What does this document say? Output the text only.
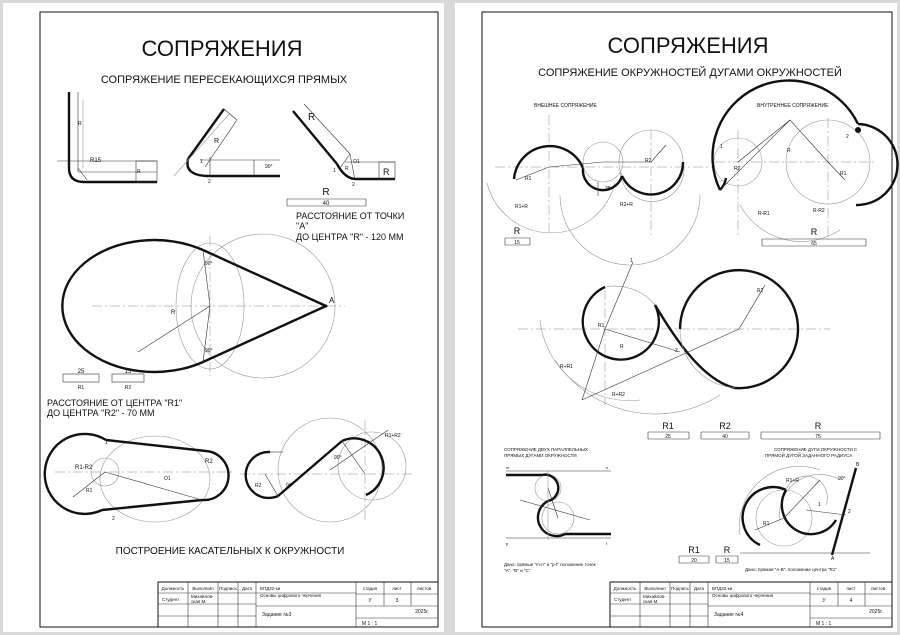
СОПРЯЖЕНИЯ
СОПРЯЖЕНИЕ ПЕРЕСЕКАЮЩИХСЯ ПРЯМЫХ
R
R15
R
R
1
2
90°
R
R
O1
1
2
R
R
40
РАССТОЯНИЕ ОТ ТОЧКИ
"A"
ДО ЦЕНТРА "R" - 120 ММ
R
A
90°
90°
25
R1
15
R2
РАССТОЯНИЕ ОТ ЦЕНТРА "R1"
ДО ЦЕНТРА "R2" - 70 ММ
R1-R2
R1
R2
O1
1
2
R2
R1+R2
90°
90°
ПОСТРОЕНИЕ КАСАТЕЛЬНЫХ К ОКРУЖНОСТИ
Должность Выполнил Подпись Дата
Студент
Михайлов-
ская М.
БПД32-ки
Основы цифрового черчения
стадия	лист	листов
У	3
Задание №3	2025г.
М 1 : 1
СОПРЯЖЕНИЯ
СОПРЯЖЕНИЕ ОКРУЖНОСТЕЙ ДУГАМИ ОКРУЖНОСТЕЙ
ВНЕШНЕЕ СОПРЯЖЕНИЕ	ВНУТРЕННЕЕ СОПРЯЖЕНИЕ
R1
R2
R1+R	R2+R
38
R
R2
R1
R-R1	R-R2
1
2
R
15
R
65
R1
R2
R
R+R1
R+R2
1
2
R1
25
R2
40
R
75
СОПРЯЖЕНИЕ ДВУХ ПАРАЛЛЕЛЬНЫХ
ПРЯМЫХ ДУГАМИ ОКРУЖНОСТИ
m	n
p	f
Дано: прямые "m-n" и "p-f" положение точек
"A", "B" и "C"
СОПРЯЖЕНИЕ ДУГИ ОКРУЖНОСТИ С
ПРЯМОЙ ДУГОЙ ЗАДАННОГО РАДИУСА
R1+R
R1
A
B
90°
1
2
R1
20
R
15
Дано: прямая "A-B", положение центра "R1"
Должность Выполнил Подпись Дата
Студент
Михайлов-
ская М.
БПД32-ки
Основы цифрового черчения
стадия	лист	листов
У	4
Задание №4	2025г.
М 1 : 1
